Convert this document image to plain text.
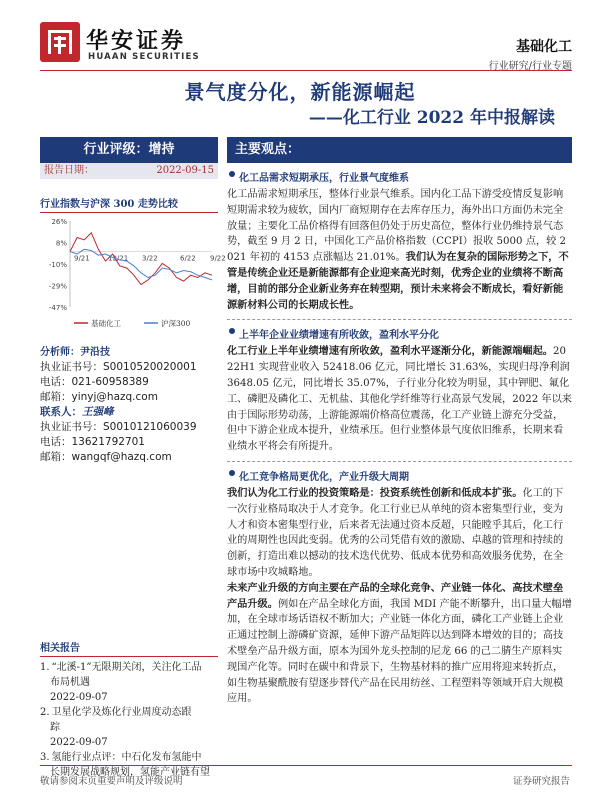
华安证券
HUAAN SECURITIES
基础化工
行业研究/行业专题
景气度分化，新能源崛起
——化工行业 2022 年中报解读
行业评级：增持
报告日期：	2022-09-15
行业指数与沪深 300 走势比较
26%
8%
-10%
-29%
-47%
9/21	12/21 3/22	6/22 9/22
基础化工	沪深300
分析师：尹沿技
执业证书号：S0010520020001
电话：021-60958389
邮箱：yinyj@hazq.com
联系人：王强峰
执业证书号：S0010121060039
电话：13621792701
邮箱：wangqf@hazq.com
相关报告
1. “北溪-1”无限期关闭，关注化工品
布局机遇
2022-09-07
2. 卫星化学及炼化行业周度动态跟
踪
2022-09-07
3. 氢能行业点评：中石化发布氢能中
长期发展战略规划，氢能产业链有望
主要观点：
化工品需求短期承压，行业景气度维系
化工品需求短期承压，整体行业景气维系。国内化工品下游受疫情反复影响短期需求较为疲软，国内厂商短期存在去库存压力，海外出口方面仍未完全放量；主要化工品价格得有回落但仍处于历史高位，整体行业仍维持景气态势，截至 9 月 2 日，中国化工产品价格指数（CCPI）报收 5000 点，较 2021 年初的 4153 点涨幅达 21.01%。我们认为在复杂的国际形势之下，不管是传统企业还是新能源都有企业迎来高光时刻，优秀企业的业绩将不断高增，目前的部分企业新业务弃在转型期，预计未来将会不断成长，看好新能源新材料公司的长期成长性。
上半年企业业绩增速有所收敛，盈利水平分化
化工行业上半年业绩增速有所收敛，盈利水平逐渐分化，新能源端崛起。2022H1 实现营业收入 52418.06 亿元，同比增长 31.63%，实现归母净利润 3648.05 亿元，同比增长 35.07%，子行业分化较为明显，其中钾肥、氟化工、磷肥及磷化工、无机盐、其他化学纤维等行业高景气发展，2022 年以来由于国际形势动荡，上游能源端价格高位震荡，化工产业链上游充分受益，但中下游企业成本提升，业绩承压。但行业整体景气度依旧维系，长期来看业绩水平将会有所提升。
化工竞争格局更优化，产业升级大周期
我们认为化工行业的投资策略是：投资系统性创新和低成本扩张。化工的下一次行业格局取决于人才竞争。化工行业已从单纯的资本密集型行业，变为人才和资本密集型行业，后来者无法通过资本反超，只能瞠乎其后，化工行业的周期性也因此变弱。优秀的公司凭借有效的激励、卓越的管理和持续的创新，打造出难以撼动的技术迭代优势、低成本优势和高效服务优势，在全球市场中攻城略地。
未来产业升级的方向主要在产品的全球化竞争、产业链一体化、高技术壁垒产品升级。例如在产品全球化方面，我国 MDI 产能不断攀升，出口量大幅增加，在全球市场话语权不断加大；产业链一体化方面，磷化工产业链上企业正通过控制上游磷矿资源，延伸下游产品矩阵以达到降本增效的目的；高技术壁垒产品升级方面，原本为国外龙头控制的尼龙 66 的己二腈生产原料实现国产化等。同时在碳中和背景下，生物基材料的推广应用将迎来转折点，如生物基聚酰胺有望逐步替代产品在民用纺丝、工程塑料等领域开启大规模应用。
敬请参阅末页重要声明及评级说明	证券研究报告
